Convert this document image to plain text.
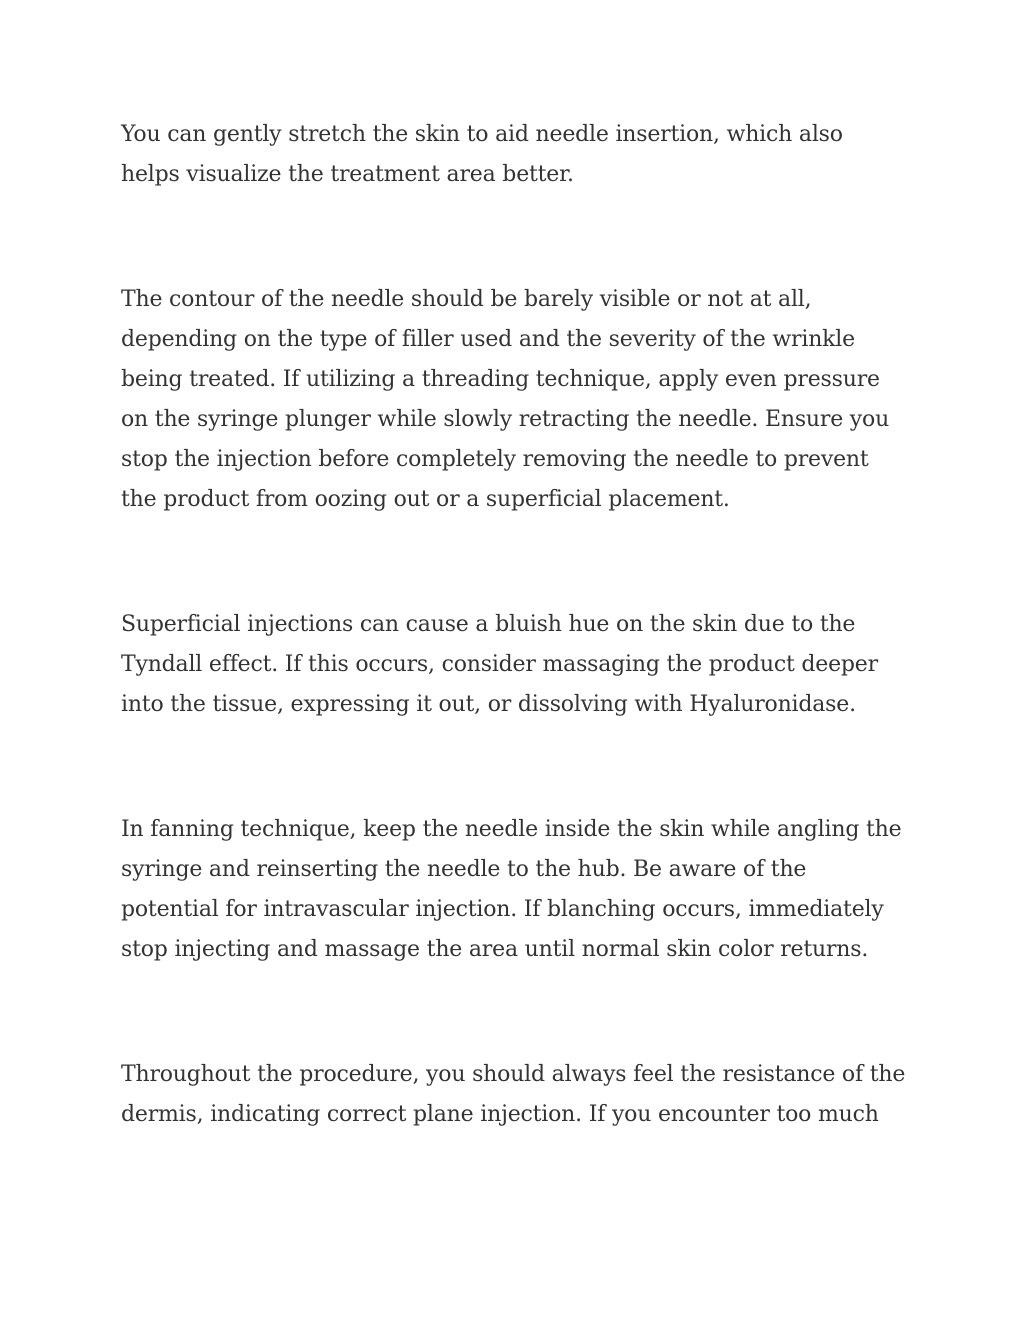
You can gently stretch the skin to aid needle insertion, which also
helps visualize the treatment area better.

The contour of the needle should be barely visible or not at all,
depending on the type of filler used and the severity of the wrinkle
being treated. If utilizing a threading technique, apply even pressure
on the syringe plunger while slowly retracting the needle. Ensure you
stop the injection before completely removing the needle to prevent
the product from oozing out or a superficial placement.

Superficial injections can cause a bluish hue on the skin due to the
Tyndall effect. If this occurs, consider massaging the product deeper
into the tissue, expressing it out, or dissolving with Hyaluronidase.

In fanning technique, keep the needle inside the skin while angling the
syringe and reinserting the needle to the hub. Be aware of the
potential for intravascular injection. If blanching occurs, immediately
stop injecting and massage the area until normal skin color returns.

Throughout the procedure, you should always feel the resistance of the
dermis, indicating correct plane injection. If you encounter too much
